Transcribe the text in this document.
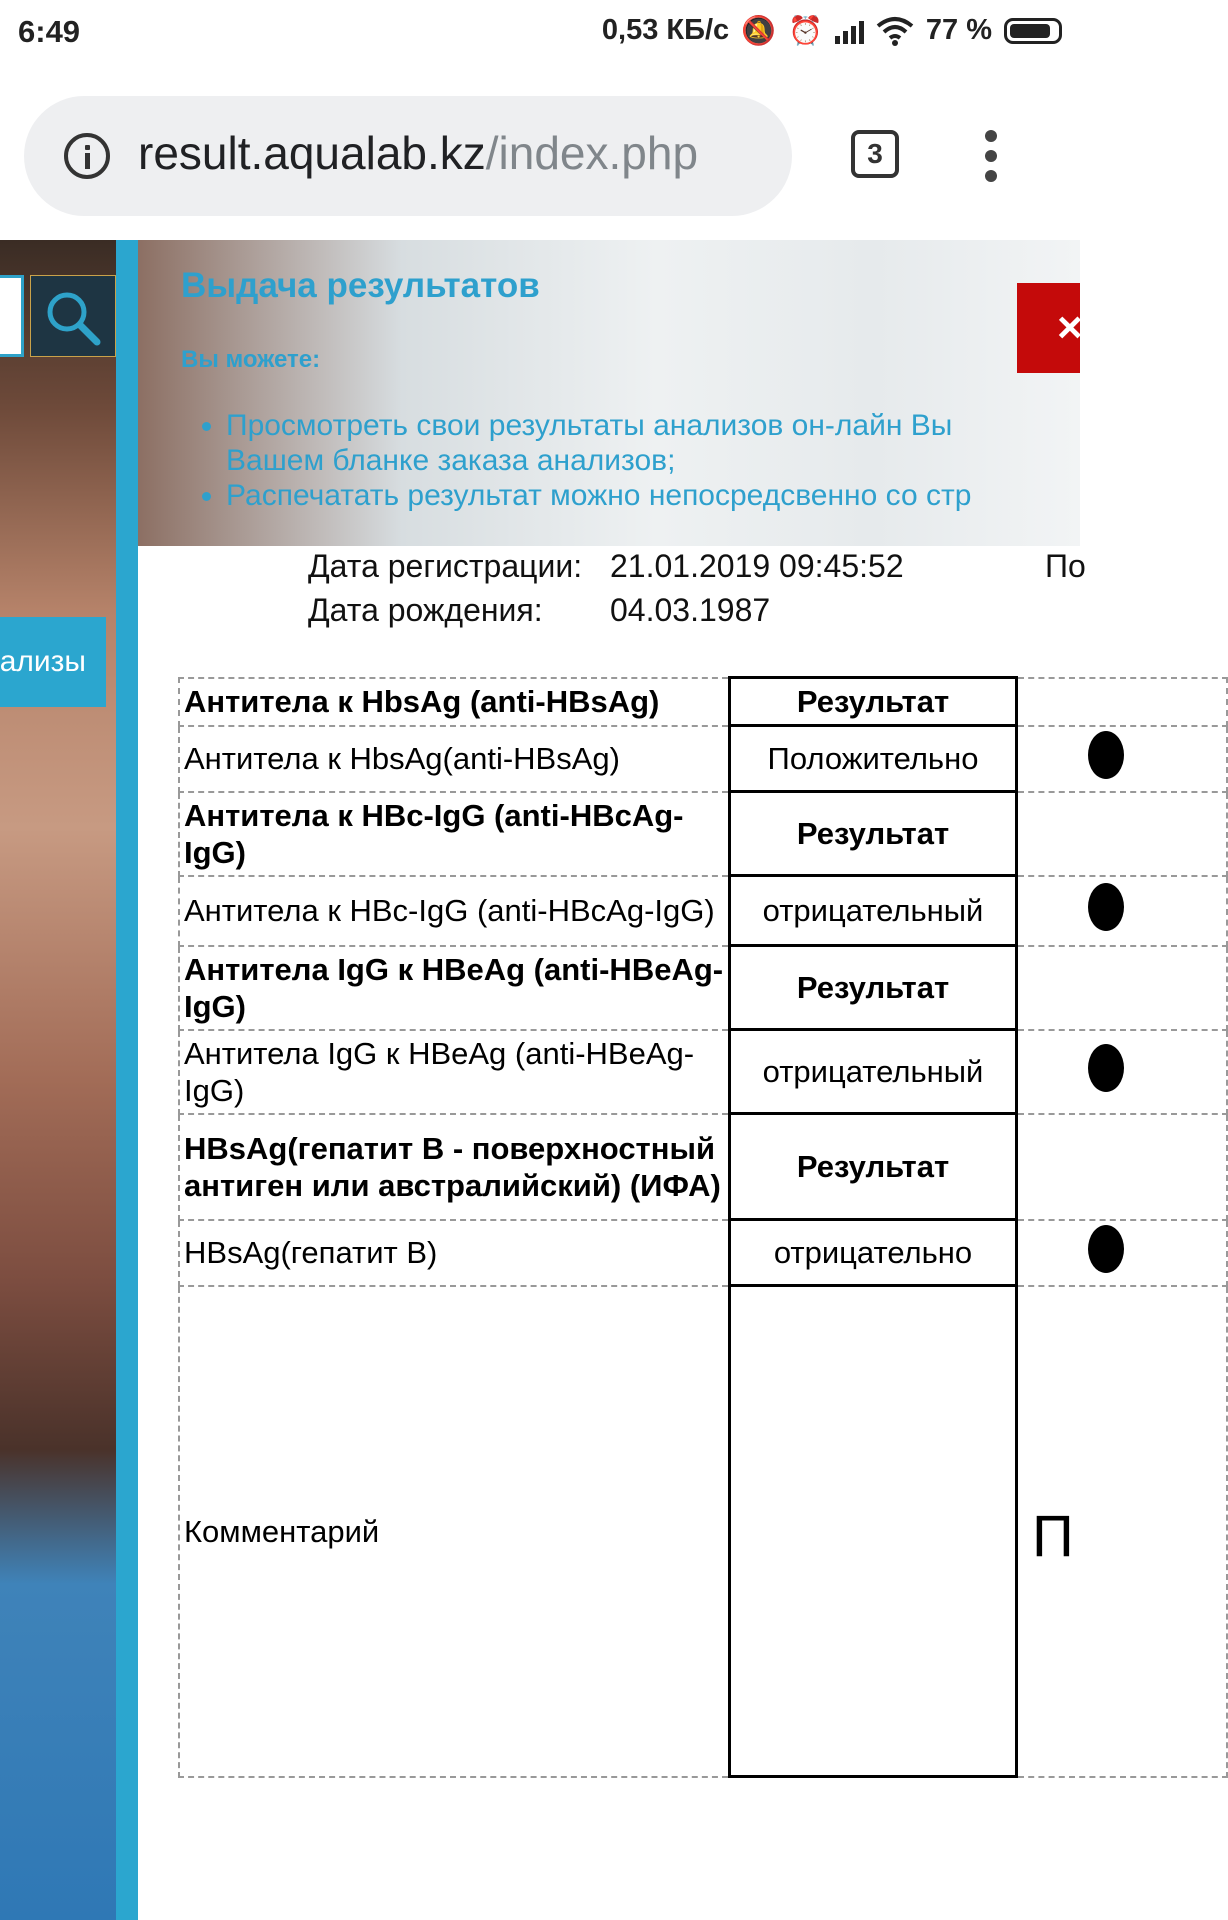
6:49	0,53 КБ/с 🔕 ⏰	77 %
result.aqualab.kz/index.php	3
ализы
Выдача результатов
Вы можете:
• Просмотреть свои результаты анализов он-лайн Вы
Вашем бланке заказа анализов;
• Распечатать результат можно непосредсвенно со стр
×
Дата регистрации: 21.01.2019 09:45:52	По
Дата рождения: 04.03.1987
Антитела к HbsAg (anti-HBsAg)	Результат	
Антитела к HbsAg(anti-HBsAg)	Положительно	
Антитела к HBc-IgG (anti-HBcAg-IgG)	Результат	
Антитела к HBc-IgG (anti-HBcAg-IgG)	отрицательный	
Антитела IgG к HBeAg (anti-HBeAg-IgG)	Результат	
Антитела IgG к HBeAg (anti-HBeAg-IgG)	отрицательный	
HBsAg(гепатит В - поверхностный антиген или австралийский) (ИФА)	Результат	
HBsAg(гепатит В)	отрицательно	
Комментарий		П
